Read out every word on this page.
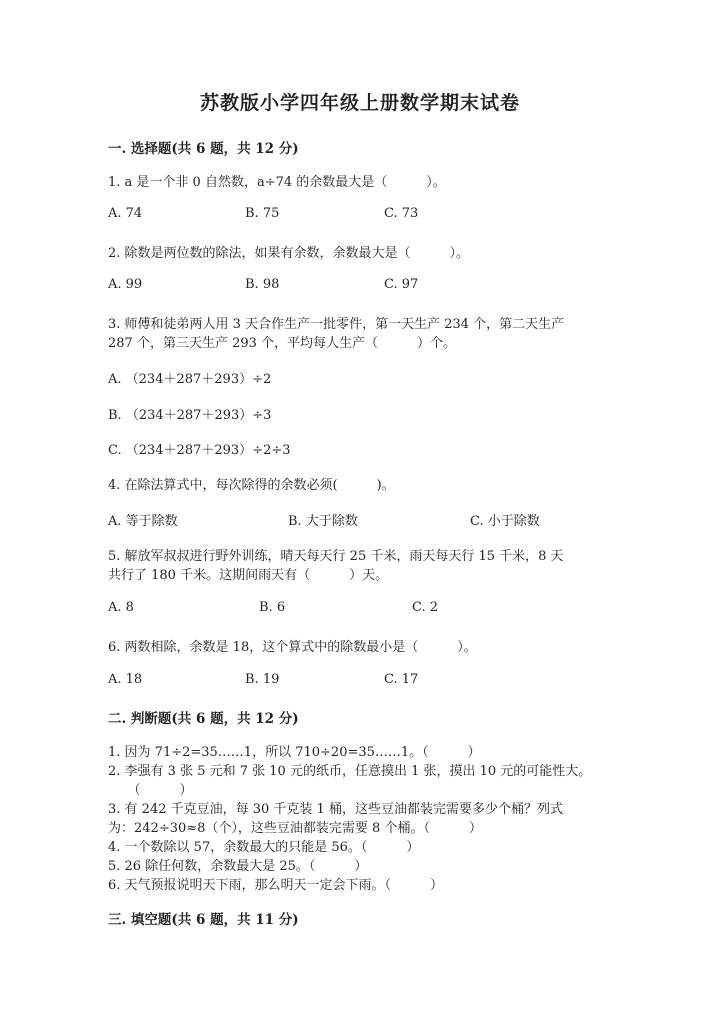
苏教版小学四年级上册数学期末试卷
一. 选择题(共 6 题，共 12 分)
1. a 是一个非 0 自然数，a÷74 的余数最大是（　　　）。
A. 74	B. 75	C. 73
2. 除数是两位数的除法，如果有余数，余数最大是（　　　）。
A. 99	B. 98	C. 97
3. 师傅和徒弟两人用 3 天合作生产一批零件，第一天生产 234 个，第二天生产
287 个，第三天生产 293 个，平均每人生产（　　　）个。
A. （234＋287＋293）÷2
B. （234＋287＋293）÷3
C. （234＋287＋293）÷2÷3
4. 在除法算式中，每次除得的余数必须(　　　)。
A. 等于除数	B. 大于除数	C. 小于除数
5. 解放军叔叔进行野外训练，晴天每天行 25 千米，雨天每天行 15 千米，8 天
共行了 180 千米。这期间雨天有（　　　）天。
A. 8	B. 6	C. 2
6. 两数相除，余数是 18，这个算式中的除数最小是（　　　）。
A. 18	B. 19	C. 17
二. 判断题(共 6 题，共 12 分)
1. 因为 71÷2=35……1，所以 710÷20=35……1。（　　　）
2. 李强有 3 张 5 元和 7 张 10 元的纸币，任意摸出 1 张，摸出 10 元的可能性大。
　　（　　　）
3. 有 242 千克豆油，每 30 千克装 1 桶，这些豆油都装完需要多少个桶？列式
为：242÷30≈8（个），这些豆油都装完需要 8 个桶。（　　　）
4. 一个数除以 57，余数最大的只能是 56。（　　　）
5. 26 除任何数，余数最大是 25。（　　　）
6. 天气预报说明天下雨，那么明天一定会下雨。（　　　）
三. 填空题(共 6 题，共 11 分)
